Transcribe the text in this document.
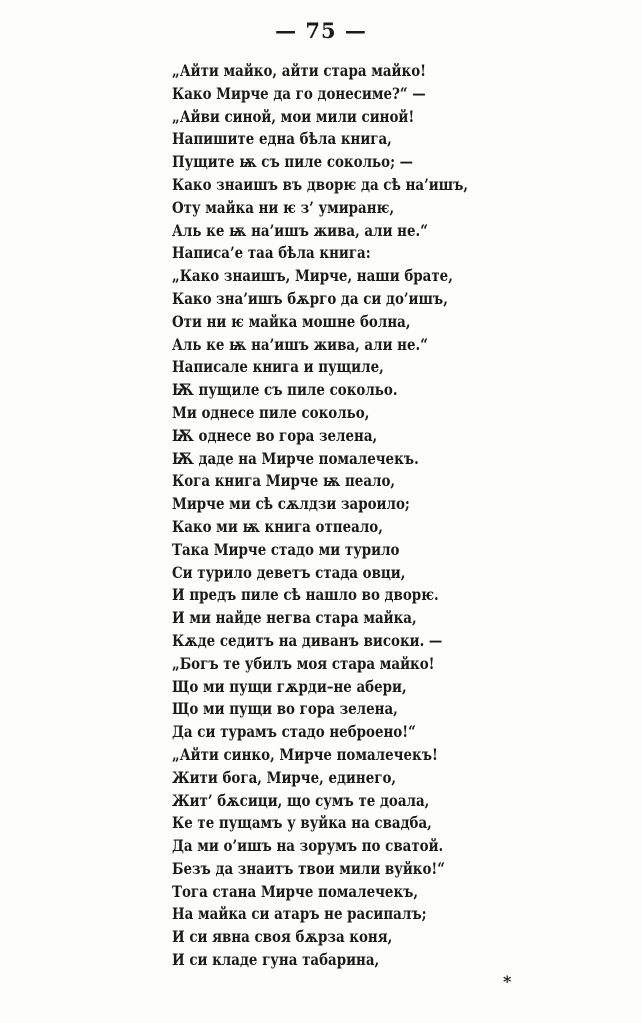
— 75 —
„Айти майко, айти стара майко!
Како Мирче да го донесиме?“ —
„Айви синой, мои мили синой!
Напишите една бѣла книга,
Пущите ѭ съ пиле сокольо; —
Како знаишъ въ дворѥ да сѣ на’ишъ,
Оту майка ни ѥ з’ умиранѥ,
Аль ке ѭ на’ишъ жива, али не.“
Написа’е таа бѣла книга:
„Како знаишъ, Мирче, наши брате,
Како зна’ишъ бѫрго да си до’ишъ,
Оти ни ѥ майка мошне болна,
Аль ке ѭ на’ишъ жива, али не.“
Написале книга и пущиле,
Ѭ пущиле съ пиле сокольо.
Ми однесе пиле сокольо,
Ѭ однесе во гора зелена,
Ѭ даде на Мирче помалечекъ.
Кога книга Мирче ѭ пеало,
Мирче ми сѣ сѫлдзи зароило;
Како ми ѭ книга отпеало,
Така Мирче стадо ми турило
Си турило деветъ стада овци,
И предъ пиле сѣ нашло во дворѥ.
И ми найде негва стара майка,
Кѫде седитъ на диванъ високи. —
„Богъ те убилъ моя стара майко!
Що ми пущи гѫрди–не абери,
Що ми пущи во гора зелена,
Да си турамъ стадо неброено!“
„Айти синко, Мирче помалечекъ!
Жити бога, Мирче, единего,
Жит’ бѫсици, що сумъ те доала,
Ке те пущамъ у вуйка на свадба,
Да ми о’ишъ на зорумъ по сватой.
Безъ да знаитъ твои мили вуйко!“
Тога стана Мирче помалечекъ,
На майка си атаръ не расипалъ;
И си явна своя бѫрза коня,
И си кладе гуна табарина,
*
